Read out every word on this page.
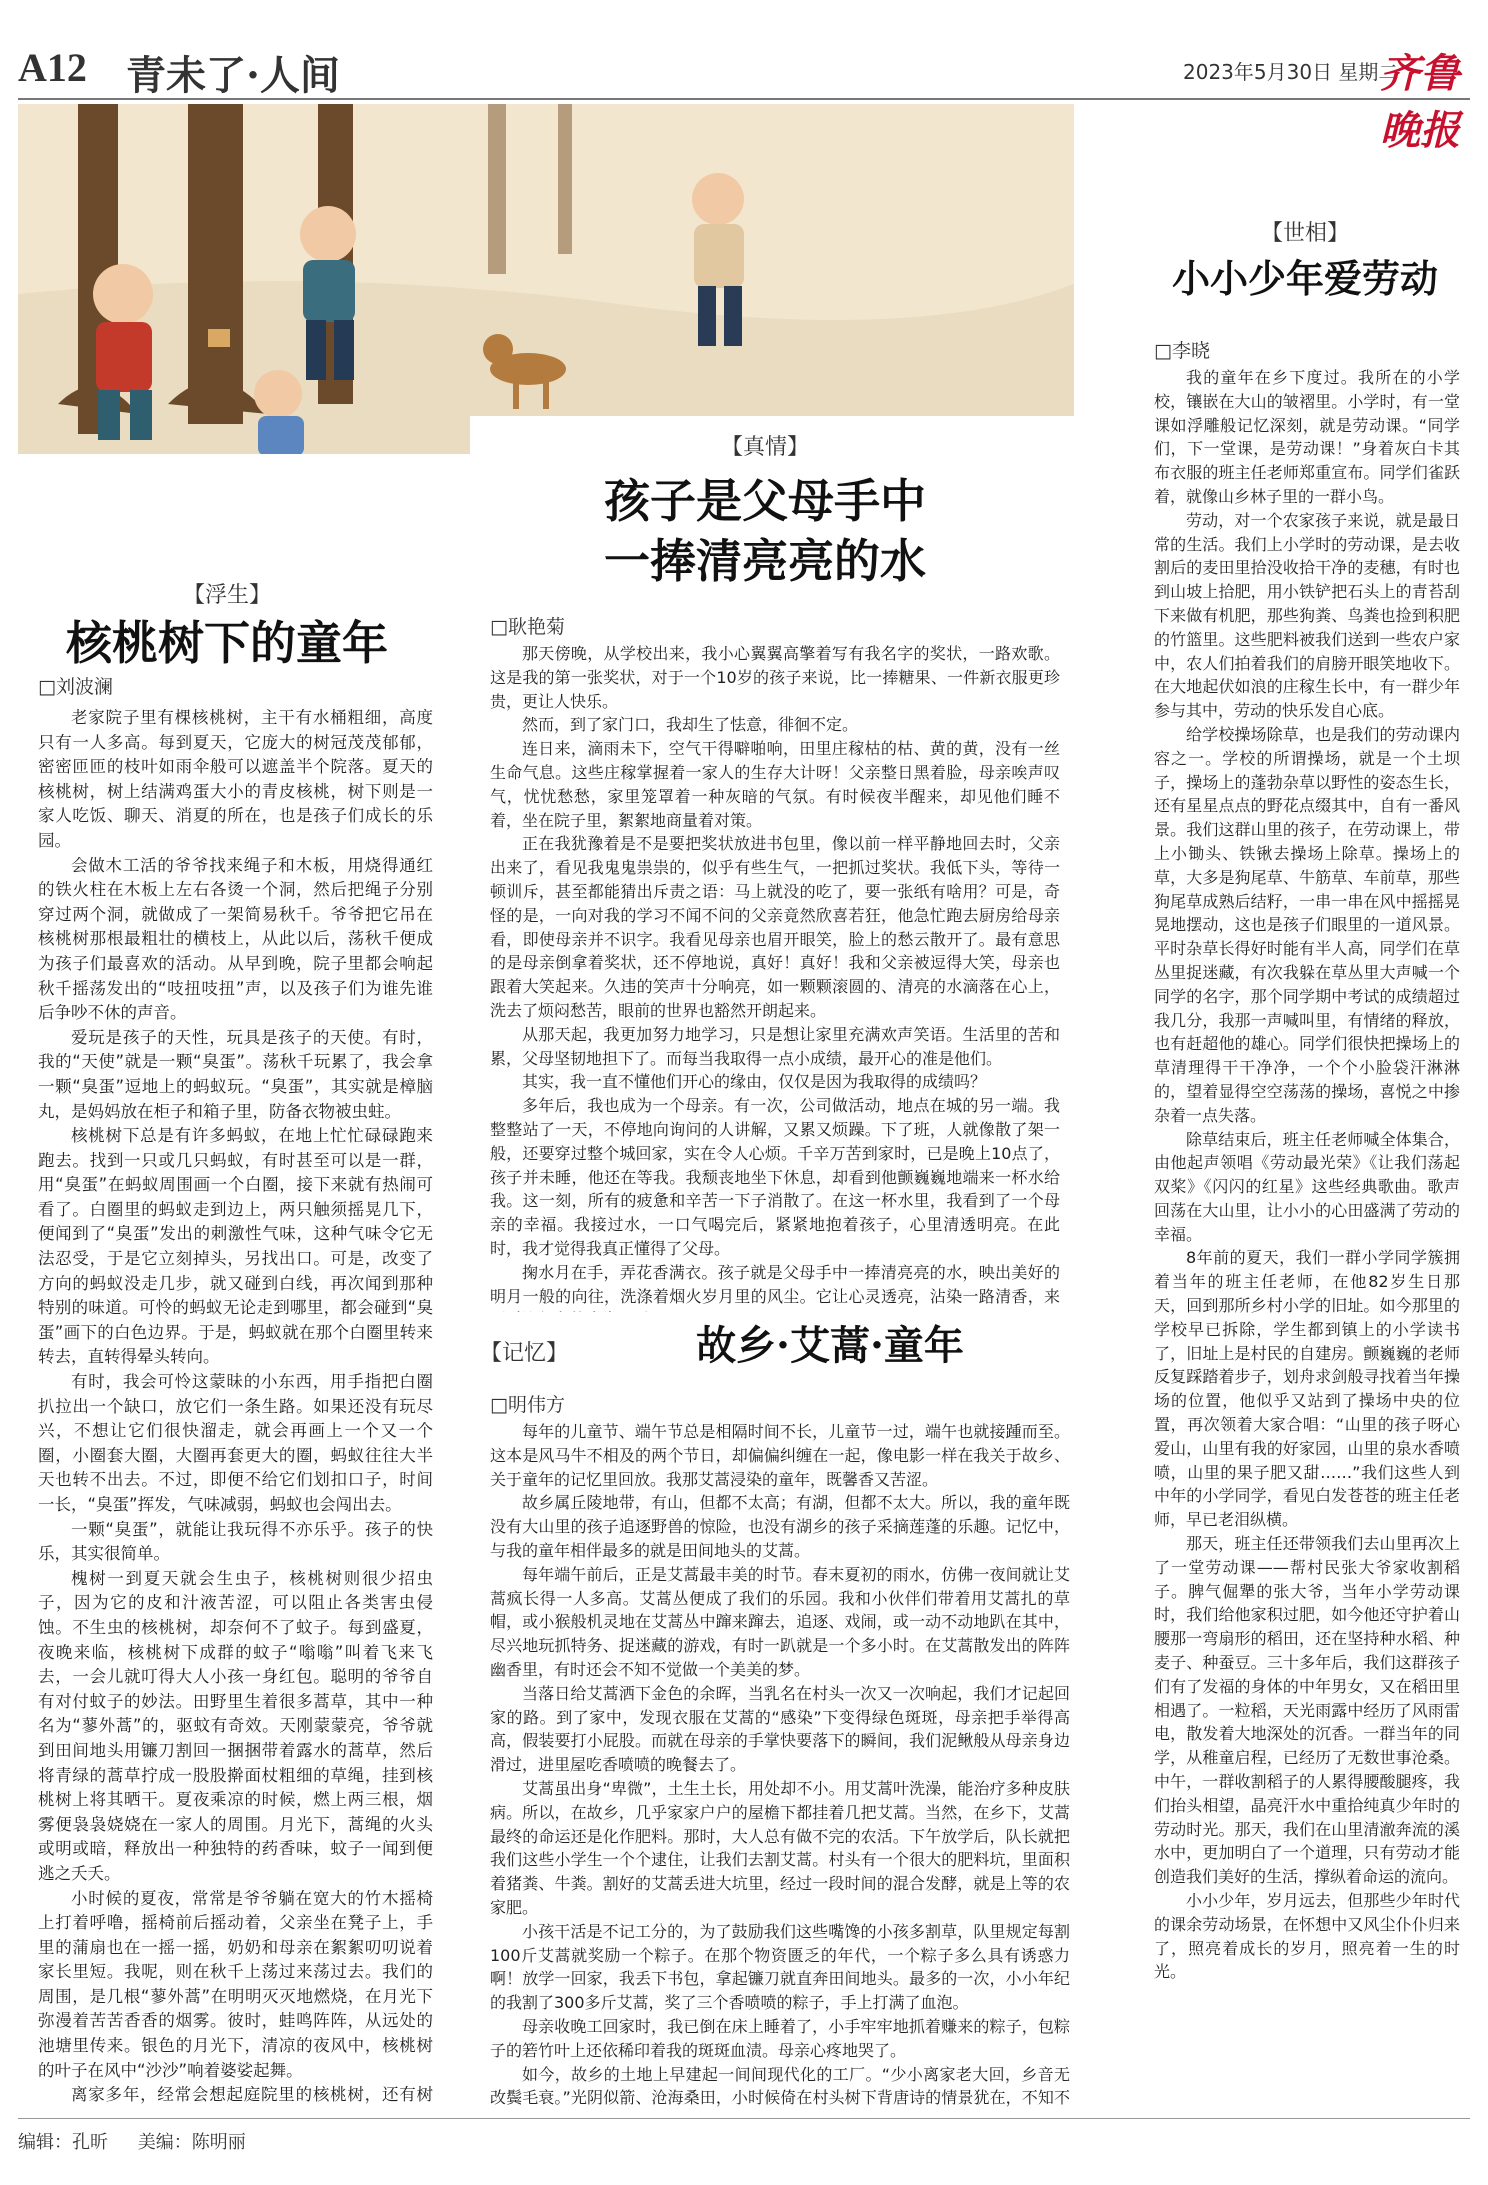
A12 青未了·人间	2023年5月30日 星期二
齐鲁晚报
【浮生】
核桃树下的童年
□刘波澜

老家院子里有棵核桃树，主干有水桶粗细，高度只有一人多高。每到夏天，它庞大的树冠茂茂郁郁，密密匝匝的枝叶如雨伞般可以遮盖半个院落。夏天的核桃树，树上结满鸡蛋大小的青皮核桃，树下则是一家人吃饭、聊天、消夏的所在，也是孩子们成长的乐园。

会做木工活的爷爷找来绳子和木板，用烧得通红的铁火柱在木板上左右各烫一个洞，然后把绳子分别穿过两个洞，就做成了一架简易秋千。爷爷把它吊在核桃树那根最粗壮的横枝上，从此以后，荡秋千便成为孩子们最喜欢的活动。从早到晚，院子里都会响起秋千摇荡发出的“吱扭吱扭”声，以及孩子们为谁先谁后争吵不休的声音。

爱玩是孩子的天性，玩具是孩子的天使。有时，我的“天使”就是一颗“臭蛋”。荡秋千玩累了，我会拿一颗“臭蛋”逗地上的蚂蚁玩。“臭蛋”，其实就是樟脑丸，是妈妈放在柜子和箱子里，防备衣物被虫蛀。

核桃树下总是有许多蚂蚁，在地上忙忙碌碌跑来跑去。找到一只或几只蚂蚁，有时甚至可以是一群，用“臭蛋”在蚂蚁周围画一个白圈，接下来就有热闹可看了。白圈里的蚂蚁走到边上，两只触须摇晃几下，便闻到了“臭蛋”发出的刺激性气味，这种气味令它无法忍受，于是它立刻掉头，另找出口。可是，改变了方向的蚂蚁没走几步，就又碰到白线，再次闻到那种特别的味道。可怜的蚂蚁无论走到哪里，都会碰到“臭蛋”画下的白色边界。于是，蚂蚁就在那个白圈里转来转去，直转得晕头转向。

有时，我会可怜这蒙昧的小东西，用手指把白圈扒拉出一个缺口，放它们一条生路。如果还没有玩尽兴，不想让它们很快溜走，就会再画上一个又一个圈，小圈套大圈，大圈再套更大的圈，蚂蚁往往大半天也转不出去。不过，即便不给它们划扣口子，时间一长，“臭蛋”挥发，气味减弱，蚂蚁也会闯出去。

一颗“臭蛋”，就能让我玩得不亦乐乎。孩子的快乐，其实很简单。

槐树一到夏天就会生虫子，核桃树则很少招虫子，因为它的皮和汁液苦涩，可以阻止各类害虫侵蚀。不生虫的核桃树，却奈何不了蚊子。每到盛夏，夜晚来临，核桃树下成群的蚊子“嗡嗡”叫着飞来飞去，一会儿就叮得大人小孩一身红包。聪明的爷爷自有对付蚊子的妙法。田野里生着很多蒿草，其中一种名为“蓼外蒿”的，驱蚊有奇效。天刚蒙蒙亮，爷爷就到田间地头用镰刀割回一捆捆带着露水的蒿草，然后将青绿的蒿草拧成一股股擀面杖粗细的草绳，挂到核桃树上将其晒干。夏夜乘凉的时候，燃上两三根，烟雾便袅袅娆娆在一家人的周围。月光下，蒿绳的火头或明或暗，释放出一种独特的药香味，蚊子一闻到便逃之夭夭。

小时候的夏夜，常常是爷爷躺在宽大的竹木摇椅上打着呼噜，摇椅前后摇动着，父亲坐在凳子上，手里的蒲扇也在一摇一摇，奶奶和母亲在絮絮叨叨说着家长里短。我呢，则在秋千上荡过来荡过去。我们的周围，是几根“蓼外蒿”在明明灭灭地燃烧，在月光下弥漫着苦苦香香的烟雾。彼时，蛙鸣阵阵，从远处的池塘里传来。银色的月光下，清凉的夜风中，核桃树的叶子在风中“沙沙”响着婆娑起舞。

离家多年，经常会想起庭院里的核桃树，还有树

【真情】
孩子是父母手中
一捧清亮亮的水
□耿艳菊

那天傍晚，从学校出来，我小心翼翼高擎着写有我名字的奖状，一路欢歌。这是我的第一张奖状，对于一个10岁的孩子来说，比一捧糖果、一件新衣服更珍贵，更让人快乐。

然而，到了家门口，我却生了怯意，徘徊不定。

连日来，滴雨未下，空气干得噼啪响，田里庄稼枯的枯、黄的黄，没有一丝生命气息。这些庄稼掌握着一家人的生存大计呀！父亲整日黑着脸，母亲唉声叹气，忧忧愁愁，家里笼罩着一种灰暗的气氛。有时候夜半醒来，却见他们睡不着，坐在院子里，絮絮地商量着对策。

正在我犹豫着是不是要把奖状放进书包里，像以前一样平静地回去时，父亲出来了，看见我鬼鬼祟祟的，似乎有些生气，一把抓过奖状。我低下头，等待一顿训斥，甚至都能猜出斥责之语：马上就没的吃了，要一张纸有啥用？可是，奇怪的是，一向对我的学习不闻不问的父亲竟然欣喜若狂，他急忙跑去厨房给母亲看，即使母亲并不识字。我看见母亲也眉开眼笑，脸上的愁云散开了。最有意思的是母亲倒拿着奖状，还不停地说，真好！真好！我和父亲被逗得大笑，母亲也跟着大笑起来。久违的笑声十分响亮，如一颗颗滚圆的、清亮的水滴落在心上，洗去了烦闷愁苦，眼前的世界也豁然开朗起来。

从那天起，我更加努力地学习，只是想让家里充满欢声笑语。生活里的苦和累，父母坚韧地担下了。而每当我取得一点小成绩，最开心的准是他们。

其实，我一直不懂他们开心的缘由，仅仅是因为我取得的成绩吗？

多年后，我也成为一个母亲。有一次，公司做活动，地点在城的另一端。我整整站了一天，不停地向询问的人讲解，又累又烦躁。下了班，人就像散了架一般，还要穿过整个城回家，实在令人心烦。千辛万苦到家时，已是晚上10点了，孩子并未睡，他还在等我。我颓丧地坐下休息，却看到他颤巍巍地端来一杯水给我。这一刻，所有的疲惫和辛苦一下子消散了。在这一杯水里，我看到了一个母亲的幸福。我接过水，一口气喝完后，紧紧地抱着孩子，心里清透明亮。在此时，我才觉得我真正懂得了父母。

掬水月在手，弄花香满衣。孩子就是父母手中一捧清亮亮的水，映出美好的明月一般的向往，洗涤着烟火岁月里的风尘。它让心灵透亮，沾染一路清香，来

【记忆】	故乡·艾蒿·童年
□明伟方

每年的儿童节、端午节总是相隔时间不长，儿童节一过，端午也就接踵而至。这本是风马牛不相及的两个节日，却偏偏纠缠在一起，像电影一样在我关于故乡、关于童年的记忆里回放。我那艾蒿浸染的童年，既馨香又苦涩。

故乡属丘陵地带，有山，但都不太高；有湖，但都不太大。所以，我的童年既没有大山里的孩子追逐野兽的惊险，也没有湖乡的孩子采摘莲蓬的乐趣。记忆中，与我的童年相伴最多的就是田间地头的艾蒿。

每年端午前后，正是艾蒿最丰美的时节。春末夏初的雨水，仿佛一夜间就让艾蒿疯长得一人多高。艾蒿丛便成了我们的乐园。我和小伙伴们带着用艾蒿扎的草帽，或小猴般机灵地在艾蒿丛中蹿来蹿去，追逐、戏闹，或一动不动地趴在其中，尽兴地玩抓特务、捉迷藏的游戏，有时一趴就是一个多小时。在艾蒿散发出的阵阵幽香里，有时还会不知不觉做一个美美的梦。

当落日给艾蒿洒下金色的余晖，当乳名在村头一次又一次响起，我们才记起回家的路。到了家中，发现衣服在艾蒿的“感染”下变得绿色斑斑，母亲把手举得高高，假装要打小屁股。而就在母亲的手掌快要落下的瞬间，我们泥鳅般从母亲身边滑过，进里屋吃香喷喷的晚餐去了。

艾蒿虽出身“卑微”，土生土长，用处却不小。用艾蒿叶洗澡，能治疗多种皮肤病。所以，在故乡，几乎家家户户的屋檐下都挂着几把艾蒿。当然，在乡下，艾蒿最终的命运还是化作肥料。那时，大人总有做不完的农活。下午放学后，队长就把我们这些小学生一个个逮住，让我们去割艾蒿。村头有一个很大的肥料坑，里面积着猪粪、牛粪。割好的艾蒿丢进大坑里，经过一段时间的混合发酵，就是上等的农家肥。

小孩干活是不记工分的，为了鼓励我们这些嘴馋的小孩多割草，队里规定每割100斤艾蒿就奖励一个粽子。在那个物资匮乏的年代，一个粽子多么具有诱惑力啊！放学一回家，我丢下书包，拿起镰刀就直奔田间地头。最多的一次，小小年纪的我割了300多斤艾蒿，奖了三个香喷喷的粽子，手上打满了血泡。

母亲收晚工回家时，我已倒在床上睡着了，小手牢牢地抓着赚来的粽子，包粽子的箬竹叶上还依稀印着我的斑斑血渍。母亲心疼地哭了。

如今，故乡的土地上早建起一间间现代化的工厂。“少小离家老大回，乡音无改鬓毛衰。”光阴似箭、沧海桑田，小时候倚在村头树下背唐诗的情景犹在，不知不

【世相】
小小少年爱劳动
□李晓

我的童年在乡下度过。我所在的小学校，镶嵌在大山的皱褶里。小学时，有一堂课如浮雕般记忆深刻，就是劳动课。“同学们，下一堂课，是劳动课！”身着灰白卡其布衣服的班主任老师郑重宣布。同学们雀跃着，就像山乡林子里的一群小鸟。

劳动，对一个农家孩子来说，就是最日常的生活。我们上小学时的劳动课，是去收割后的麦田里拾没收拾干净的麦穗，有时也到山坡上拾肥，用小铁铲把石头上的青苔刮下来做有机肥，那些狗粪、鸟粪也捡到积肥的竹篮里。这些肥料被我们送到一些农户家中，农人们拍着我们的肩膀开眼笑地收下。在大地起伏如浪的庄稼生长中，有一群少年参与其中，劳动的快乐发自心底。

给学校操场除草，也是我们的劳动课内容之一。学校的所谓操场，就是一个土坝子，操场上的蓬勃杂草以野性的姿态生长，还有星星点点的野花点缀其中，自有一番风景。我们这群山里的孩子，在劳动课上，带上小锄头、铁锹去操场上除草。操场上的草，大多是狗尾草、牛筋草、车前草，那些狗尾草成熟后结籽，一串一串在风中摇摇晃晃地摆动，这也是孩子们眼里的一道风景。平时杂草长得好时能有半人高，同学们在草丛里捉迷藏，有次我躲在草丛里大声喊一个同学的名字，那个同学期中考试的成绩超过我几分，我那一声喊叫里，有情绪的释放，也有赶超他的雄心。同学们很快把操场上的草清理得干干净净，一个个小脸袋汗淋淋的，望着显得空空荡荡的操场，喜悦之中掺杂着一点失落。

除草结束后，班主任老师喊全体集合，由他起声领唱《劳动最光荣》《让我们荡起双桨》《闪闪的红星》这些经典歌曲。歌声回荡在大山里，让小小的心田盛满了劳动的幸福。

8年前的夏天，我们一群小学同学簇拥着当年的班主任老师，在他82岁生日那天，回到那所乡村小学的旧址。如今那里的学校早已拆除，学生都到镇上的小学读书了，旧址上是村民的自建房。颤巍巍的老师反复踩踏着步子，划舟求剑般寻找着当年操场的位置，他似乎又站到了操场中央的位置，再次领着大家合唱：“山里的孩子呀心爱山，山里有我的好家园，山里的泉水香喷喷，山里的果子肥又甜……”我们这些人到中年的小学同学，看见白发苍苍的班主任老师，早已老泪纵横。

那天，班主任还带领我们去山里再次上了一堂劳动课——帮村民张大爷家收割稻子。脾气倔犟的张大爷，当年小学劳动课时，我们给他家积过肥，如今他还守护着山腰那一弯扇形的稻田，还在坚持种水稻、种麦子、种蚕豆。三十多年后，我们这群孩子们有了发福的身体的中年男女，又在稻田里相遇了。一粒稻，天光雨露中经历了风雨雷电，散发着大地深处的沉香。一群当年的同学，从稚童启程，已经历了无数世事沧桑。中午，一群收割稻子的人累得腰酸腿疼，我们抬头相望，晶亮汗水中重拾纯真少年时的劳动时光。那天，我们在山里清澈奔流的溪水中，更加明白了一个道理，只有劳动才能创造我们美好的生活，撑纵着命运的流向。

小小少年，岁月远去，但那些少年时代的课余劳动场景，在怀想中又风尘仆仆归来了，照亮着成长的岁月，照亮着一生的时光。

编辑：孔昕 美编：陈明丽
